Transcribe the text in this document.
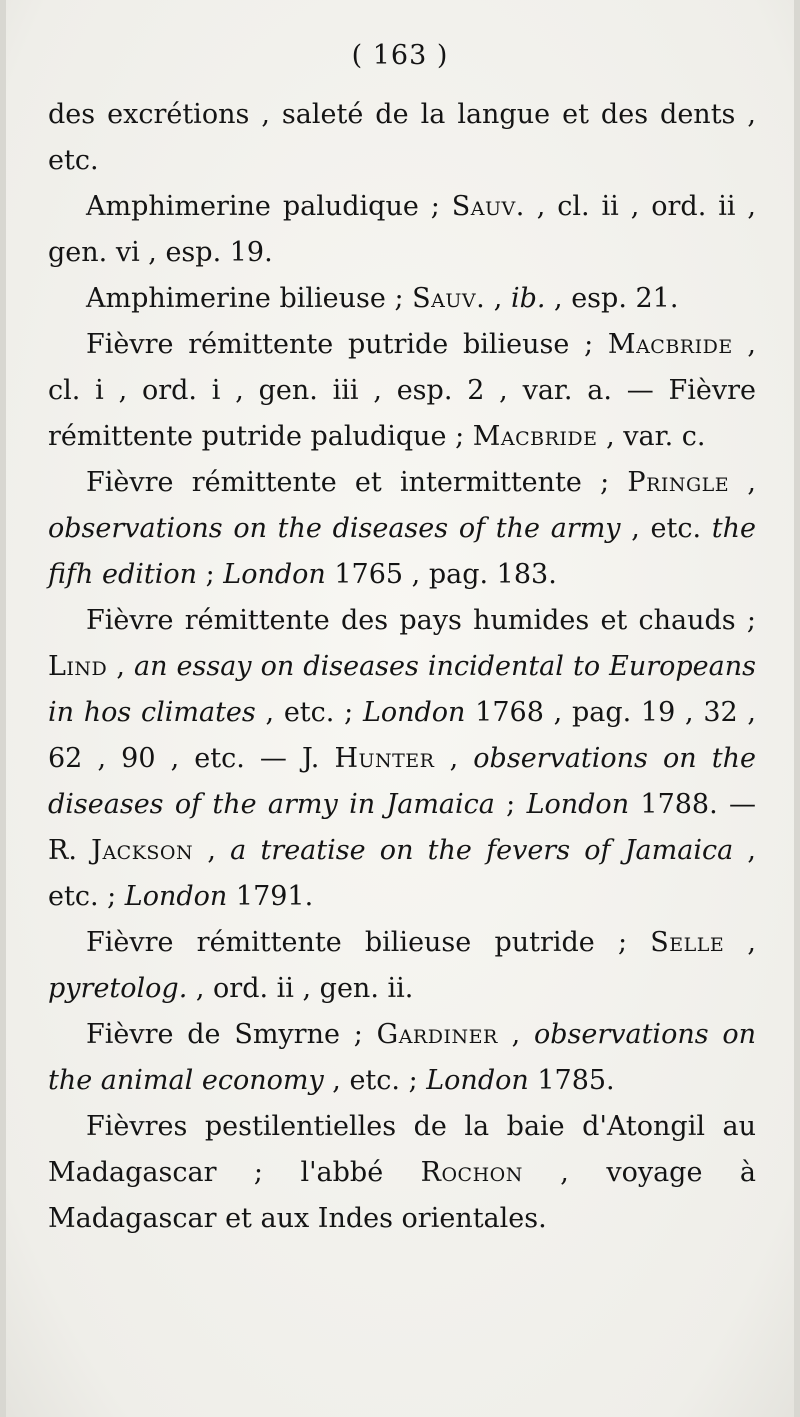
( 163 )

des excrétions , saleté de la langue et des dents , etc.

Amphimerine paludique ; Sauv. , cl. ii , ord. ii , gen. vi , esp. 19.

Amphimerine bilieuse ; Sauv. , ib. , esp. 21.

Fièvre rémittente putride bilieuse ; Macbride , cl. i , ord. i , gen. iii , esp. 2 , var. a. — Fièvre rémittente putride paludique ; Macbride , var. c.

Fièvre rémittente et intermittente ; Pringle , observations on the diseases of the army , etc. the fifh edition ; London 1765 , pag. 183.

Fièvre rémittente des pays humides et chauds ; Lind , an essay on diseases incidental to Europeans in hos climates , etc. ; London 1768 , pag. 19 , 32 , 62 , 90 , etc. — J. Hunter , observations on the diseases of the army in Jamaica ; London 1788. — R. Jackson , a treatise on the fevers of Jamaica , etc. ; London 1791.

Fièvre rémittente bilieuse putride ; Selle , pyretolog. , ord. ii , gen. ii.

Fièvre de Smyrne ; Gardiner , observations on the animal economy , etc. ; London 1785.

Fièvres pestilentielles de la baie d'Atongil au Madagascar ; l'abbé Rochon , voyage à Madagascar et aux Indes orientales.
